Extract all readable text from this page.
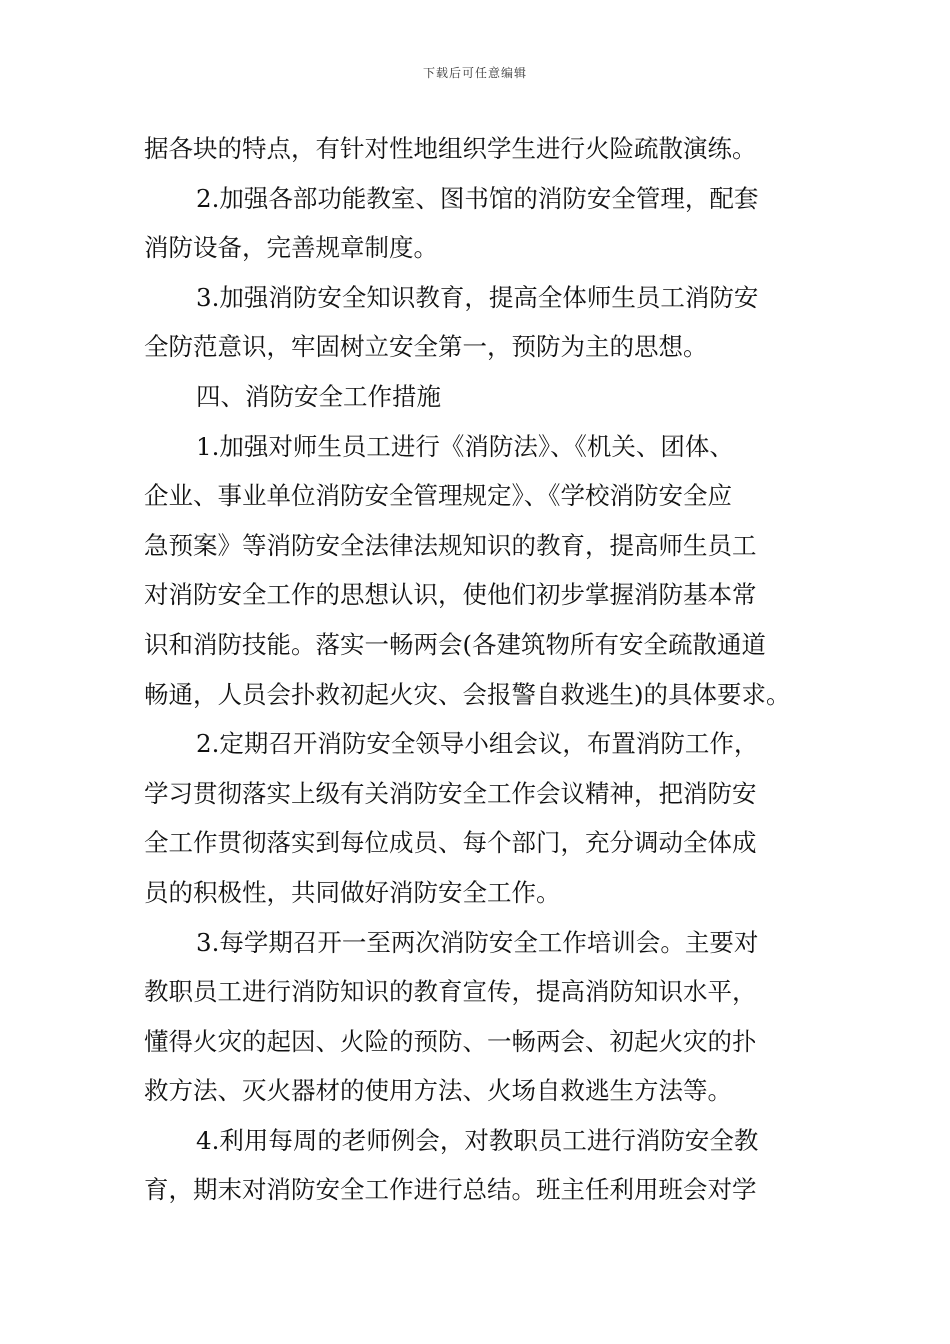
下载后可任意编辑
据各块的特点，有针对性地组织学生进行火险疏散演练。
2.加强各部功能教室、图书馆的消防安全管理，配套
消防设备，完善规章制度。
3.加强消防安全知识教育，提高全体师生员工消防安
全防范意识，牢固树立安全第一，预防为主的思想。
四、消防安全工作措施
1.加强对师生员工进行《消防法》、《机关、团体、
企业、事业单位消防安全管理规定》、《学校消防安全应
急预案》等消防安全法律法规知识的教育，提高师生员工
对消防安全工作的思想认识，使他们初步掌握消防基本常
识和消防技能。落实一畅两会(各建筑物所有安全疏散通道
畅通，人员会扑救初起火灾、会报警自救逃生)的具体要求。
2.定期召开消防安全领导小组会议，布置消防工作，
学习贯彻落实上级有关消防安全工作会议精神，把消防安
全工作贯彻落实到每位成员、每个部门，充分调动全体成
员的积极性，共同做好消防安全工作。
3.每学期召开一至两次消防安全工作培训会。主要对
教职员工进行消防知识的教育宣传，提高消防知识水平，
懂得火灾的起因、火险的预防、一畅两会、初起火灾的扑
救方法、灭火器材的使用方法、火场自救逃生方法等。
4.利用每周的老师例会，对教职员工进行消防安全教
育，期末对消防安全工作进行总结。班主任利用班会对学
